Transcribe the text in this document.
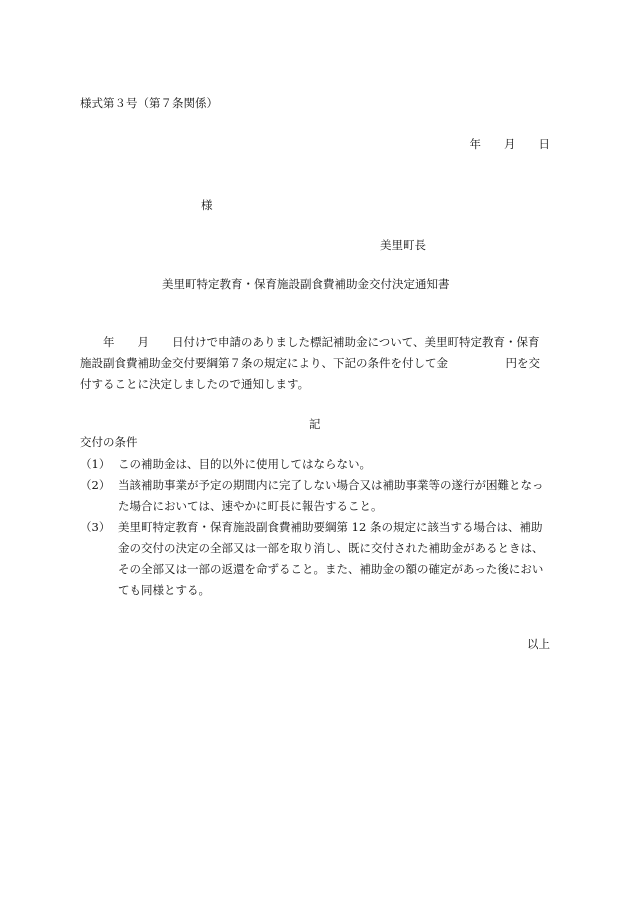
様式第３号（第７条関係）
年　　月　　日
様
美里町長
美里町特定教育・保育施設副食費補助金交付決定通知書
　　年　　月　　日付けで申請のありました標記補助金について、美里町特定教育・保育施設副食費補助金交付要綱第７条の規定により、下記の条件を付して金　　　　　円を交付することに決定しましたので通知します。
記
交付の条件
（1） この補助金は、目的以外に使用してはならない。
（2） 当該補助事業が予定の期間内に完了しない場合又は補助事業等の遂行が困難となった場合においては、速やかに町長に報告すること。
（3） 美里町特定教育・保育施設副食費補助要綱第 12 条の規定に該当する場合は、補助金の交付の決定の全部又は一部を取り消し、既に交付された補助金があるときは、その全部又は一部の返還を命ずること。また、補助金の額の確定があった後においても同様とする。
以上
